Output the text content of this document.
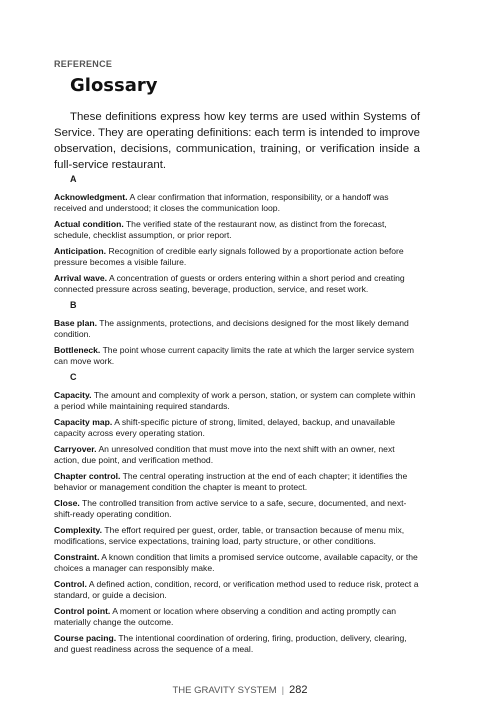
REFERENCE
Glossary

These definitions express how key terms are used within Systems of Service. They are operating definitions: each term is intended to improve observation, decisions, communication, training, or verification inside a full-service restaurant.

A
Acknowledgment. A clear confirmation that information, responsibility, or a handoff was received and understood; it closes the communication loop.
Actual condition. The verified state of the restaurant now, as distinct from the forecast, schedule, checklist assumption, or prior report.
Anticipation. Recognition of credible early signals followed by a proportionate action before pressure becomes a visible failure.
Arrival wave. A concentration of guests or orders entering within a short period and creating connected pressure across seating, beverage, production, service, and reset work.
B
Base plan. The assignments, protections, and decisions designed for the most likely demand condition.
Bottleneck. The point whose current capacity limits the rate at which the larger service system can move work.
C
Capacity. The amount and complexity of work a person, station, or system can complete within a period while maintaining required standards.
Capacity map. A shift-specific picture of strong, limited, delayed, backup, and unavailable capacity across every operating station.
Carryover. An unresolved condition that must move into the next shift with an owner, next action, due point, and verification method.
Chapter control. The central operating instruction at the end of each chapter; it identifies the behavior or management condition the chapter is meant to protect.
Close. The controlled transition from active service to a safe, secure, documented, and next-shift-ready operating condition.
Complexity. The effort required per guest, order, table, or transaction because of menu mix, modifications, service expectations, training load, party structure, or other conditions.
Constraint. A known condition that limits a promised service outcome, available capacity, or the choices a manager can responsibly make.
Control. A defined action, condition, record, or verification method used to reduce risk, protect a standard, or guide a decision.
Control point. A moment or location where observing a condition and acting promptly can materially change the outcome.
Course pacing. The intentional coordination of ordering, firing, production, delivery, clearing, and guest readiness across the sequence of a meal.
THE GRAVITY SYSTEM | 282
